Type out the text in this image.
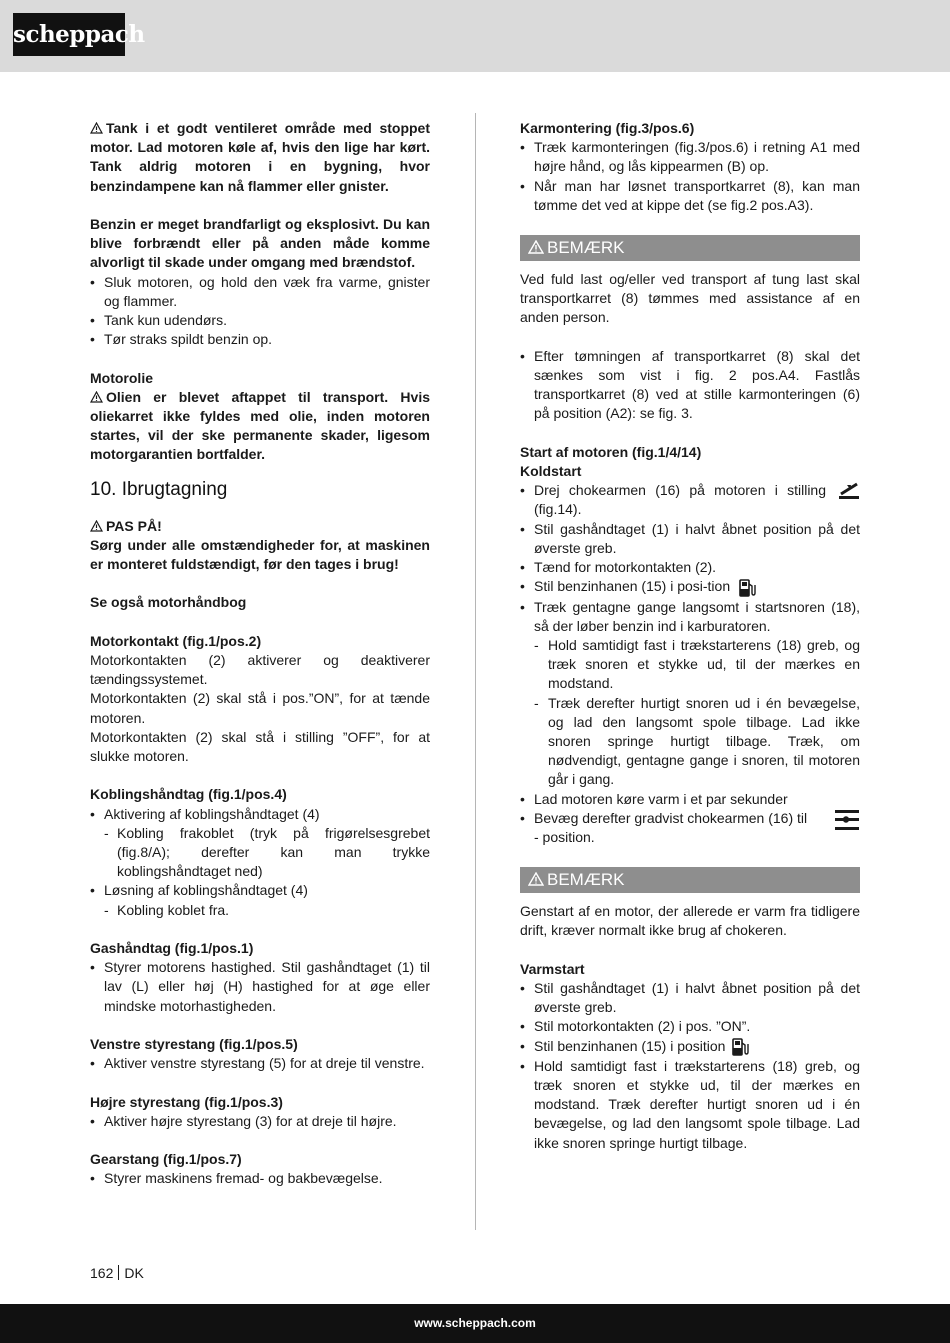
scheppach

Tank i et godt ventileret område med stoppet motor. Lad motoren køle af, hvis den lige har kørt. Tank aldrig motoren i en bygning, hvor benzindampene kan nå flammer eller gnister.

Benzin er meget brandfarligt og eksplosivt. Du kan blive forbrændt eller på anden måde komme alvorligt til skade under omgang med brændstof.

• Sluk motoren, og hold den væk fra varme, gnister og flammer.
• Tank kun udendørs.
• Tør straks spildt benzin op.

Motorolie

Olien er blevet aftappet til transport. Hvis oliekarret ikke fyldes med olie, inden motoren startes, vil der ske permanente skader, ligesom motorgarantien bortfalder.

10. Ibrugtagning

PAS PÅ!

Sørg under alle omstændigheder for, at maskinen er monteret fuldstændigt, før den tages i brug!

Se også motorhåndbog

Motorkontakt (fig.1/pos.2)

Motorkontakten (2) aktiverer og deaktiverer tændingssystemet.

Motorkontakten (2) skal stå i pos.”ON”, for at tænde motoren.

Motorkontakten (2) skal stå i stilling ”OFF”, for at slukke motoren.

Koblingshåndtag (fig.1/pos.4)

• Aktivering af koblingshåndtaget (4)
- Kobling frakoblet (tryk på frigørelsesgrebet (fig.8/A); derefter kan man trykke koblingshåndtaget ned)
• Løsning af koblingshåndtaget (4)
- Kobling koblet fra.

Gashåndtag (fig.1/pos.1)

• Styrer motorens hastighed. Stil gashåndtaget (1) til lav (L) eller høj (H) hastighed for at øge eller mindske motorhastigheden.

Venstre styrestang (fig.1/pos.5)

• Aktiver venstre styrestang (5) for at dreje til venstre.

Højre styrestang (fig.1/pos.3)

• Aktiver højre styrestang (3) for at dreje til højre.

Gearstang (fig.1/pos.7)

• Styrer maskinens fremad- og bakbevægelse.

Karmontering (fig.3/pos.6)

• Træk karmonteringen (fig.3/pos.6) i retning A1 med højre hånd, og lås kippearmen (B) op.
• Når man har løsnet transportkarret (8), kan man tømme det ved at kippe det (se fig.2 pos.A3).
BEMÆRK

Ved fuld last og/eller ved transport af tung last skal transportkarret (8) tømmes med assistance af en anden person.

• Efter tømningen af transportkarret (8) skal det sænkes som vist i fig. 2 pos.A4. Fastlås transportkarret (8) ved at stille karmonteringen (6) på position (A2): se fig. 3.

Start af motoren (fig.1/4/14)

Koldstart

• Drej chokearmen (16) på motoren i stilling (fig.14).
• Stil gashåndtaget (1) i halvt åbnet position på det øverste greb.
• Tænd for motorkontakten (2).
• Stil benzinhanen (15) i posi-tion
• Træk gentagne gange langsomt i startsnoren (18), så der løber benzin ind i karburatoren.
- Hold samtidigt fast i trækstarterens (18) greb, og træk snoren et stykke ud, til der mærkes en modstand.
- Træk derefter hurtigt snoren ud i én bevægelse, og lad den langsomt spole tilbage. Lad ikke snoren springe hurtigt tilbage. Træk, om nødvendigt, gentagne gange i snoren, til motoren går i gang.
• Lad motoren køre varm i et par sekunder
• Bevæg derefter gradvist chokearmen (16) til
- position.
BEMÆRK

Genstart af en motor, der allerede er varm fra tidligere drift, kræver normalt ikke brug af chokeren.

Varmstart

• Stil gashåndtaget (1) i halvt åbnet position på det øverste greb.
• Stil motorkontakten (2) i pos. ”ON”.
• Stil benzinhanen (15) i position
• Hold samtidigt fast i trækstarterens (18) greb, og træk snoren et stykke ud, til der mærkes en modstand. Træk derefter hurtigt snoren ud i én bevægelse, og lad den langsomt spole tilbage. Lad ikke snoren springe hurtigt tilbage.
162 DK
www.scheppach.com
